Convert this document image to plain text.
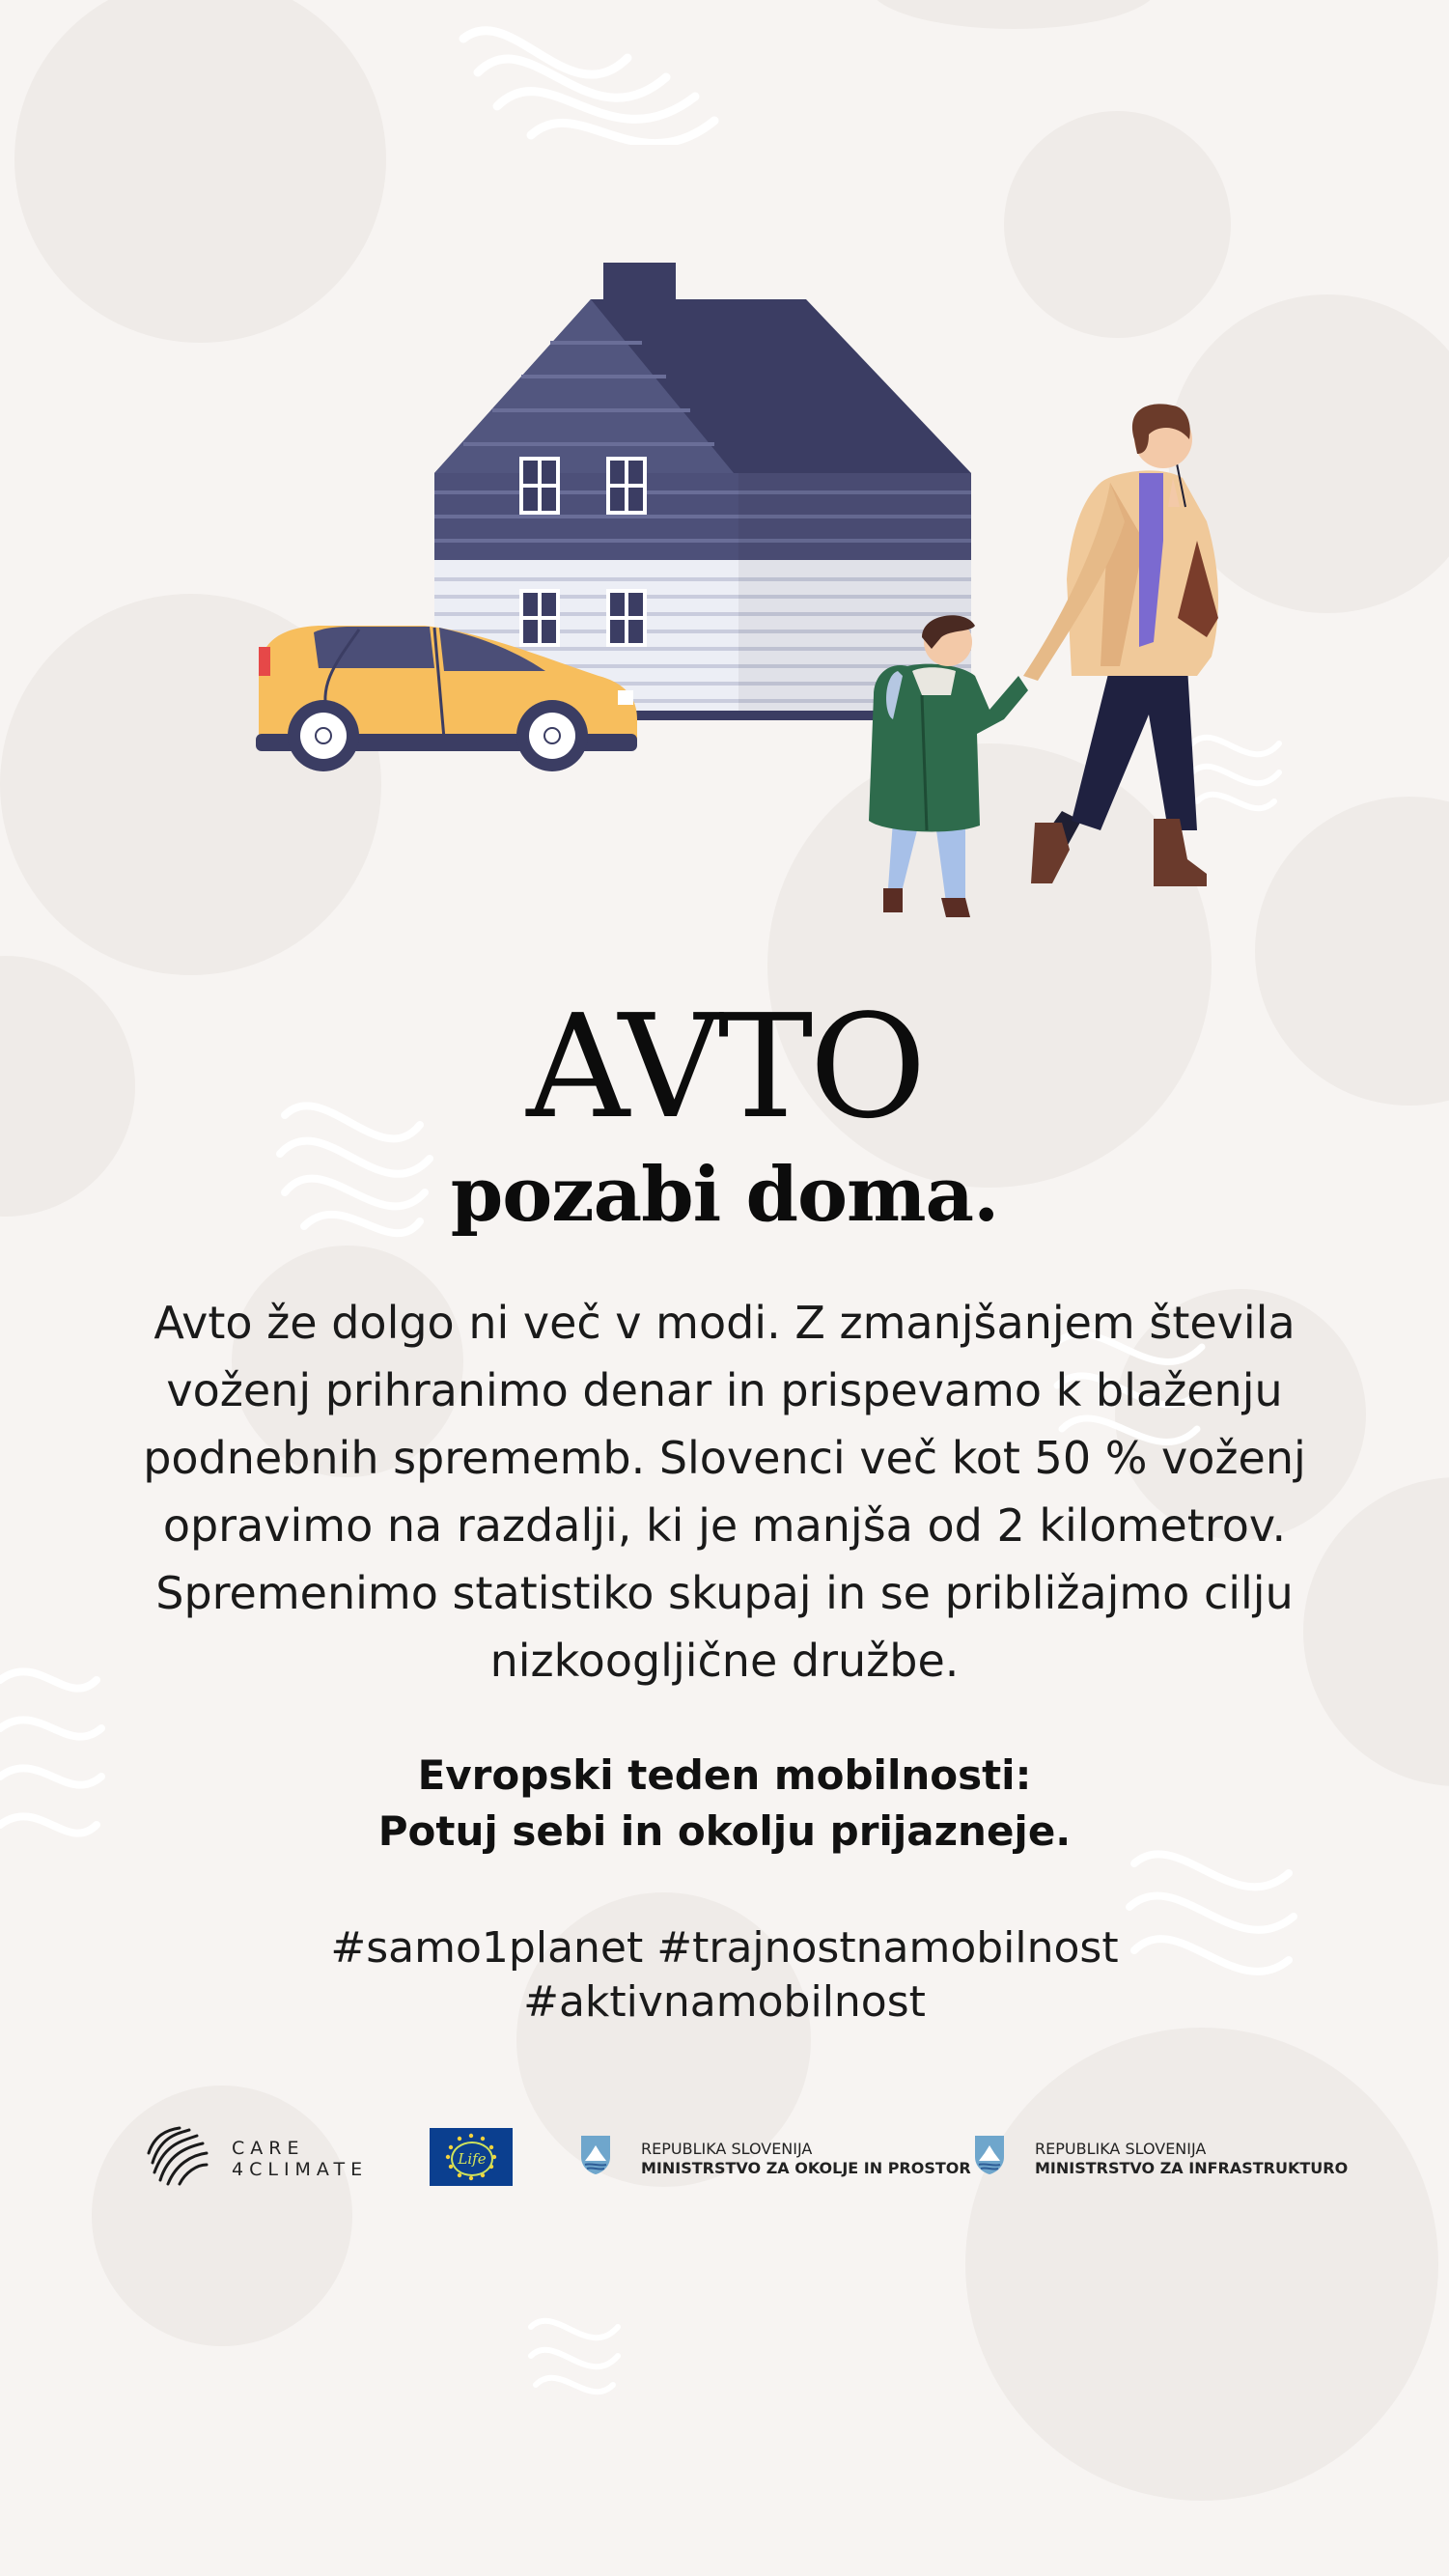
AVTO
pozabi doma.

Avto že dolgo ni več v modi. Z zmanjšanjem števila voženj prihranimo denar in prispevamo k blaženju podnebnih sprememb. Slovenci več kot 50 % voženj opravimo na razdalji, ki je manjša od 2 kilometrov. Spremenimo statistiko skupaj in se približajmo cilju nizkoogljične družbe.

Evropski teden mobilnosti:
Potuj sebi in okolju prijazneje.
#samo1planet #trajnostnamobilnost
#aktivnamobilnost
CARE
4CLIMATE	Life
REPUBLIKA SLOVENIJA
MINISTRSTVO ZA OKOLJE IN PROSTOR
REPUBLIKA SLOVENIJA
MINISTRSTVO ZA INFRASTRUKTURO
